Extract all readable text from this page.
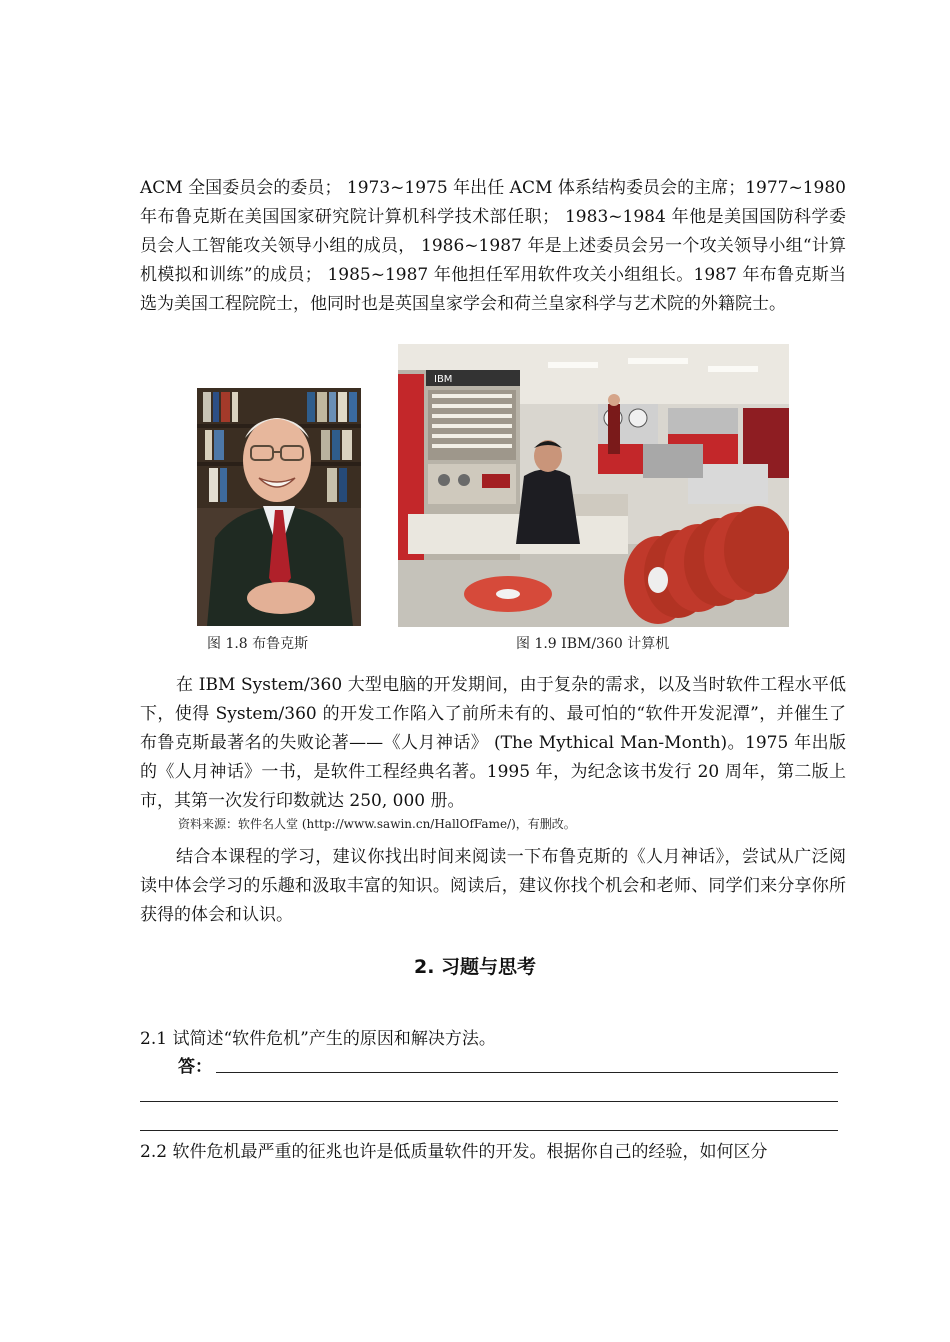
ACM 全国委员会的委员； 1973~1975 年出任 ACM 体系结构委员会的主席；1977~1980 年布鲁克斯在美国国家研究院计算机科学技术部任职； 1983~1984 年他是美国国防科学委员会人工智能攻关领导小组的成员， 1986~1987 年是上述委员会另一个攻关领导小组“计算机模拟和训练”的成员； 1985~1987 年他担任军用软件攻关小组组长。1987 年布鲁克斯当选为美国工程院院士，他同时也是英国皇家学会和荷兰皇家科学与艺术院的外籍院士。

图 1.8 布鲁克斯

IBM

图 1.9 IBM/360 计算机

在 IBM System/360 大型电脑的开发期间，由于复杂的需求，以及当时软件工程水平低下，使得 System/360 的开发工作陷入了前所未有的、最可怕的“软件开发泥潭”，并催生了布鲁克斯最著名的失败论著——《人月神话》 (The Mythical Man-Month)。1975 年出版的《人月神话》一书，是软件工程经典名著。1995 年，为纪念该书发行 20 周年，第二版上市，其第一次发行印数就达 250, 000 册。

资料来源：软件名人堂 (http://www.sawin.cn/HallOfFame/)，有删改。

结合本课程的学习，建议你找出时间来阅读一下布鲁克斯的《人月神话》，尝试从广泛阅读中体会学习的乐趣和汲取丰富的知识。阅读后，建议你找个机会和老师、同学们来分享你所获得的体会和认识。

2. 习题与思考

2.1 试简述“软件危机”产生的原因和解决方法。

答：

2.2 软件危机最严重的征兆也许是低质量软件的开发。根据你自己的经验，如何区分
